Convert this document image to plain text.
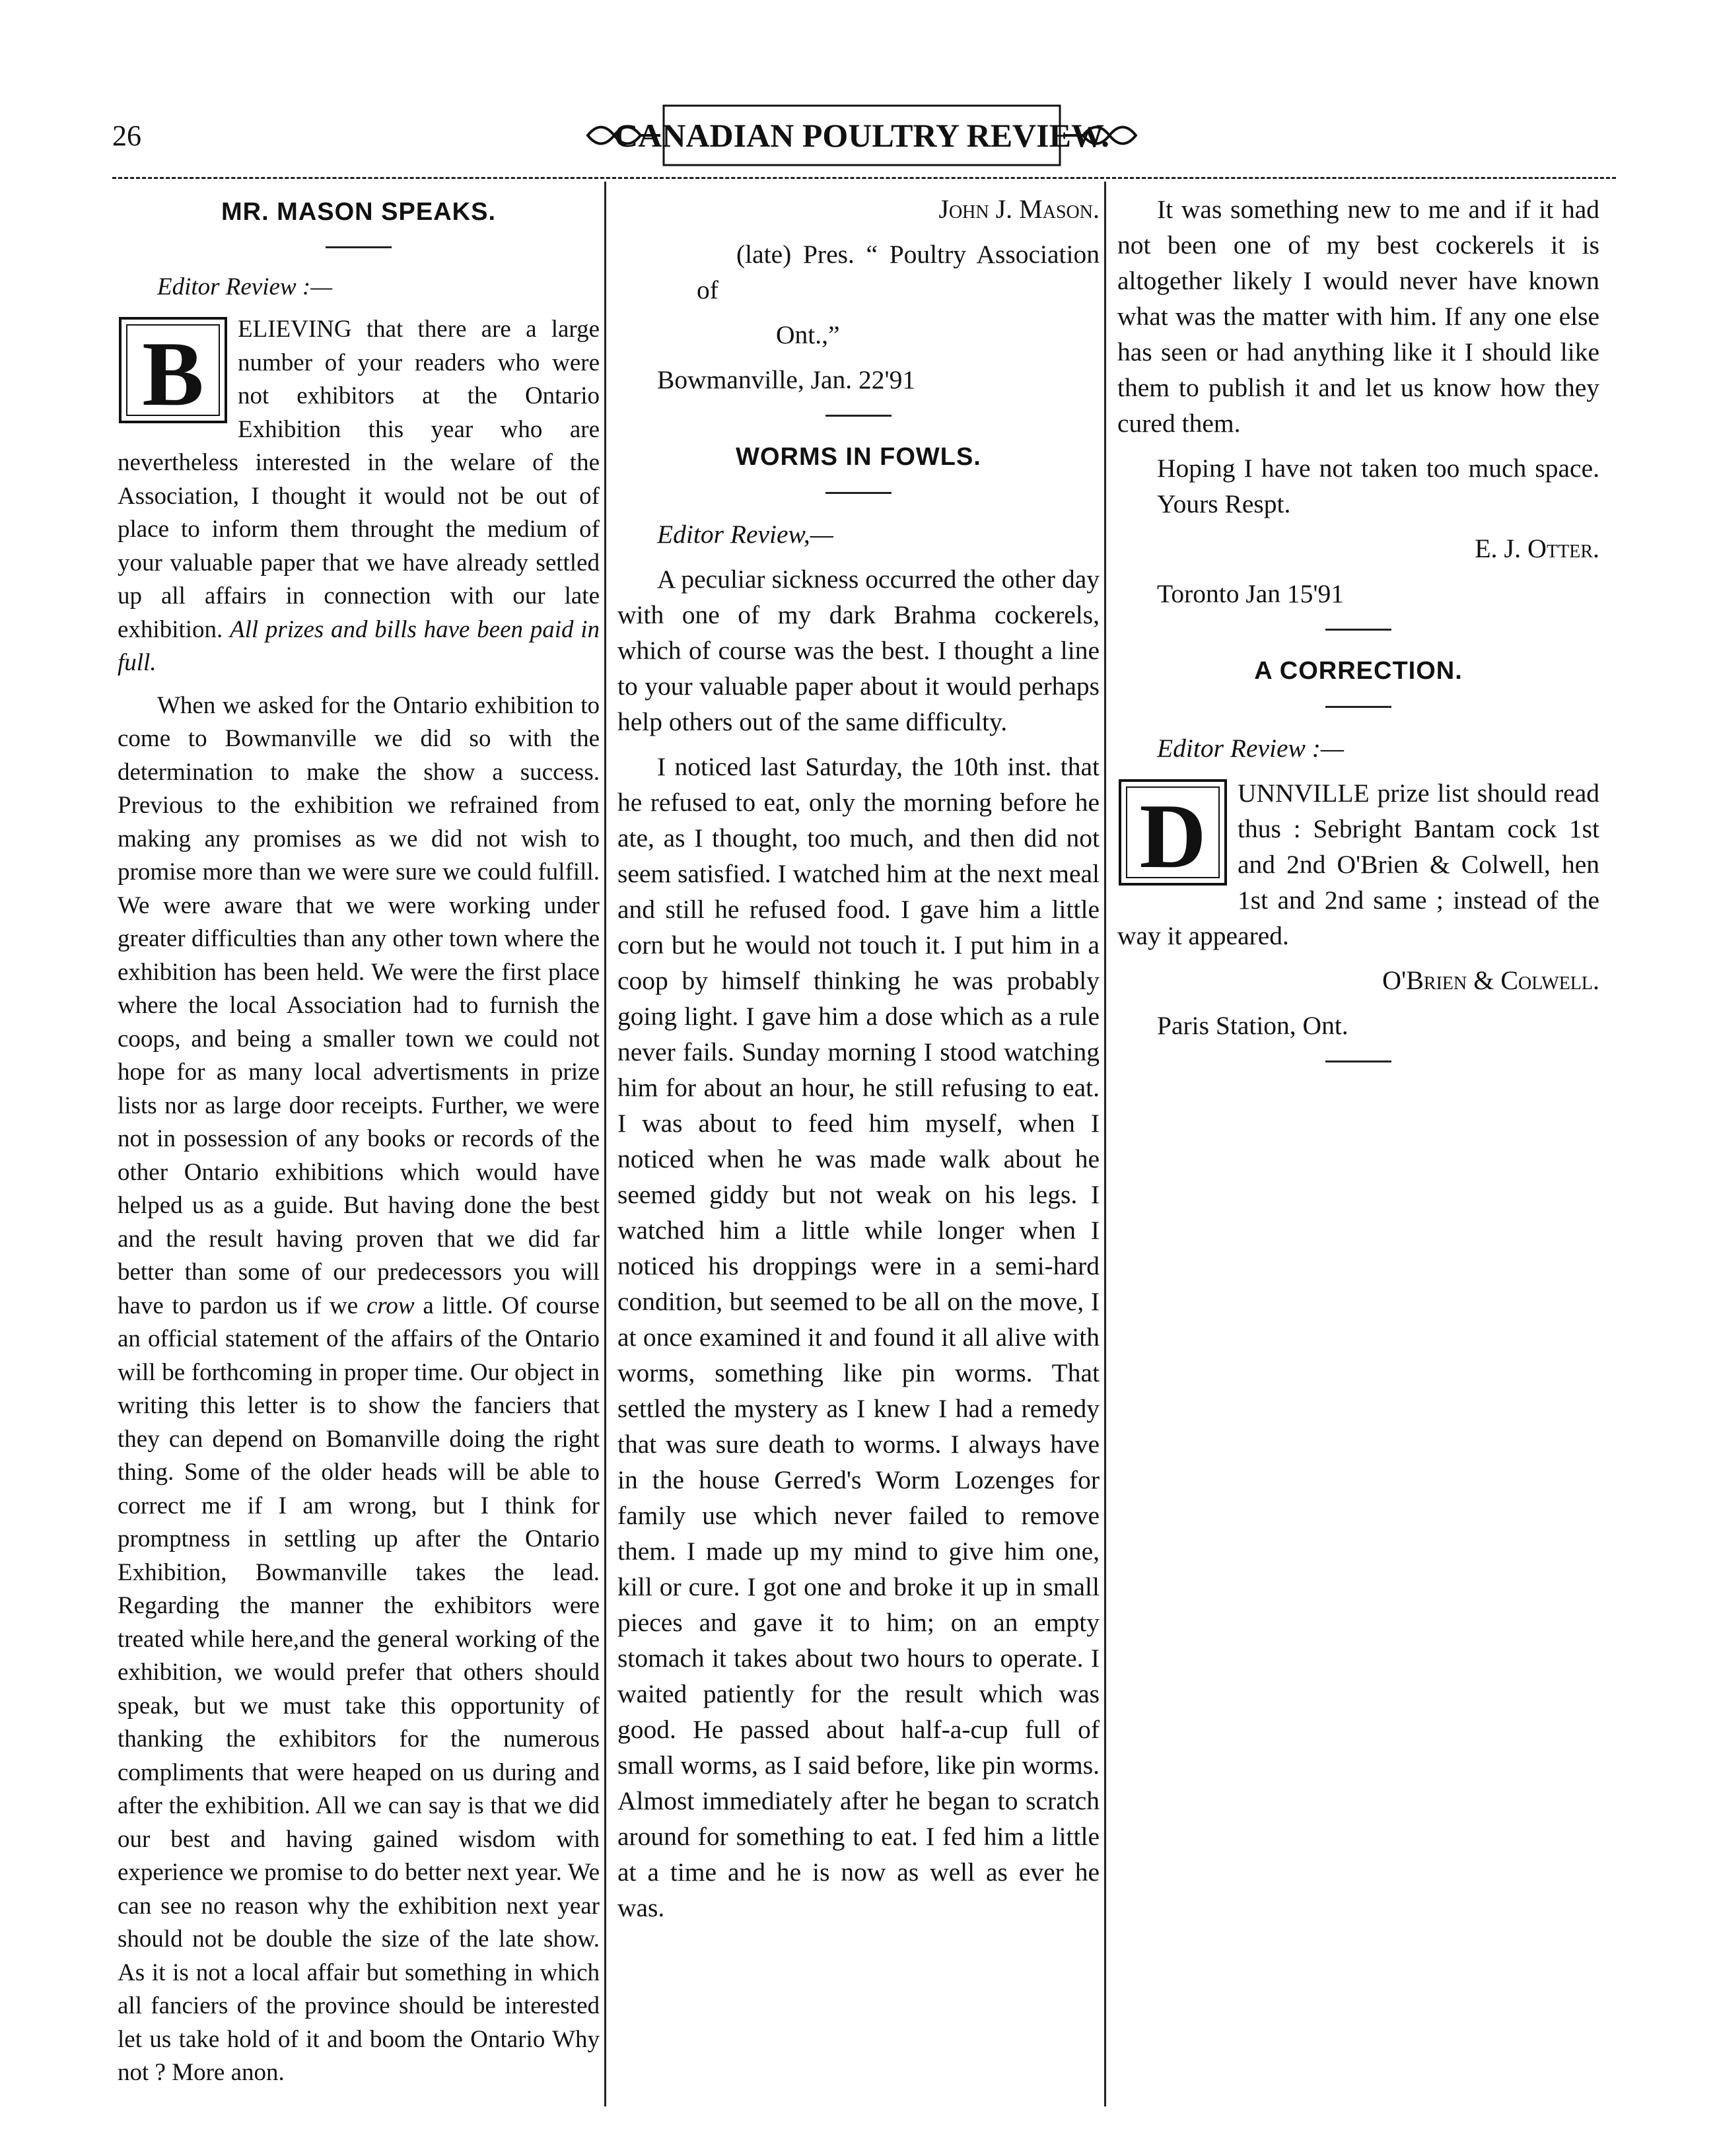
26	CANADIAN POULTRY REVIEW.
MR. MASON SPEAKS.

Editor Review :—

B ELIEVING that there are a large number of your readers who were not exhibitors at the Ontario Exhibition this year who are nevertheless interested in the welare of the Association, I thought it would not be out of place to inform them throught the medium of your valuable paper that we have already settled up all affairs in connection with our late exhibition. All prizes and bills have been paid in full.

When we asked for the Ontario exhibition to come to Bowmanville we did so with the determination to make the show a success. Previous to the exhibition we refrained from making any promises as we did not wish to promise more than we were sure we could fulfill. We were aware that we were working under greater difficulties than any other town where the exhibition has been held. We were the first place where the local Association had to furnish the coops, and being a smaller town we could not hope for as many local advertisments in prize lists nor as large door receipts. Further, we were not in possession of any books or records of the other Ontario exhibitions which would have helped us as a guide. But having done the best and the result having proven that we did far better than some of our predecessors you will have to pardon us if we crow a little. Of course an official statement of the affairs of the Ontario will be forthcoming in proper time. Our object in writing this letter is to show the fanciers that they can depend on Bomanville doing the right thing. Some of the older heads will be able to correct me if I am wrong, but I think for promptness in settling up after the Ontario Exhibition, Bowmanville takes the lead. Regarding the manner the exhibitors were treated while here,and the general working of the exhibition, we would prefer that others should speak, but we must take this opportunity of thanking the exhibitors for the numerous compliments that were heaped on us during and after the exhibition. All we can say is that we did our best and having gained wisdom with experience we promise to do better next year. We can see no reason why the exhibition next year should not be double the size of the late show. As it is not a local affair but something in which all fanciers of the province should be interested let us take hold of it and boom the Ontario Why not ? More anon.

John J. Mason.

(late) Pres. “ Poultry Association of

Ont.,”

Bowmanville, Jan. 22'91

WORMS IN FOWLS.

Editor Review,—

A peculiar sickness occurred the other day with one of my dark Brahma cockerels, which of course was the best. I thought a line to your valuable paper about it would perhaps help others out of the same difficulty.

I noticed last Saturday, the 10th inst. that he refused to eat, only the morning before he ate, as I thought, too much, and then did not seem satisfied. I watched him at the next meal and still he refused food. I gave him a little corn but he would not touch it. I put him in a coop by himself thinking he was probably going light. I gave him a dose which as a rule never fails. Sunday morning I stood watching him for about an hour, he still refusing to eat. I was about to feed him myself, when I noticed when he was made walk about he seemed giddy but not weak on his legs. I watched him a little while longer when I noticed his droppings were in a semi-hard condition, but seemed to be all on the move, I at once examined it and found it all alive with worms, something like pin worms. That settled the mystery as I knew I had a remedy that was sure death to worms. I always have in the house Gerred's Worm Lozenges for family use which never failed to remove them. I made up my mind to give him one, kill or cure. I got one and broke it up in small pieces and gave it to him; on an empty stomach it takes about two hours to operate. I waited patiently for the result which was good. He passed about half-a-cup full of small worms, as I said before, like pin worms. Almost immediately after he began to scratch around for something to eat. I fed him a little at a time and he is now as well as ever he was.

It was something new to me and if it had not been one of my best cockerels it is altogether likely I would never have known what was the matter with him. If any one else has seen or had anything like it I should like them to publish it and let us know how they cured them.

Hoping I have not taken too much space. Yours Respt.

E. J. Otter.

Toronto Jan 15'91

A CORRECTION.

Editor Review :—

D UNNVILLE prize list should read thus : Sebright Bantam cock 1st and 2nd O'Brien & Colwell, hen 1st and 2nd same ; instead of the way it appeared.

O'Brien & Colwell.

Paris Station, Ont.
